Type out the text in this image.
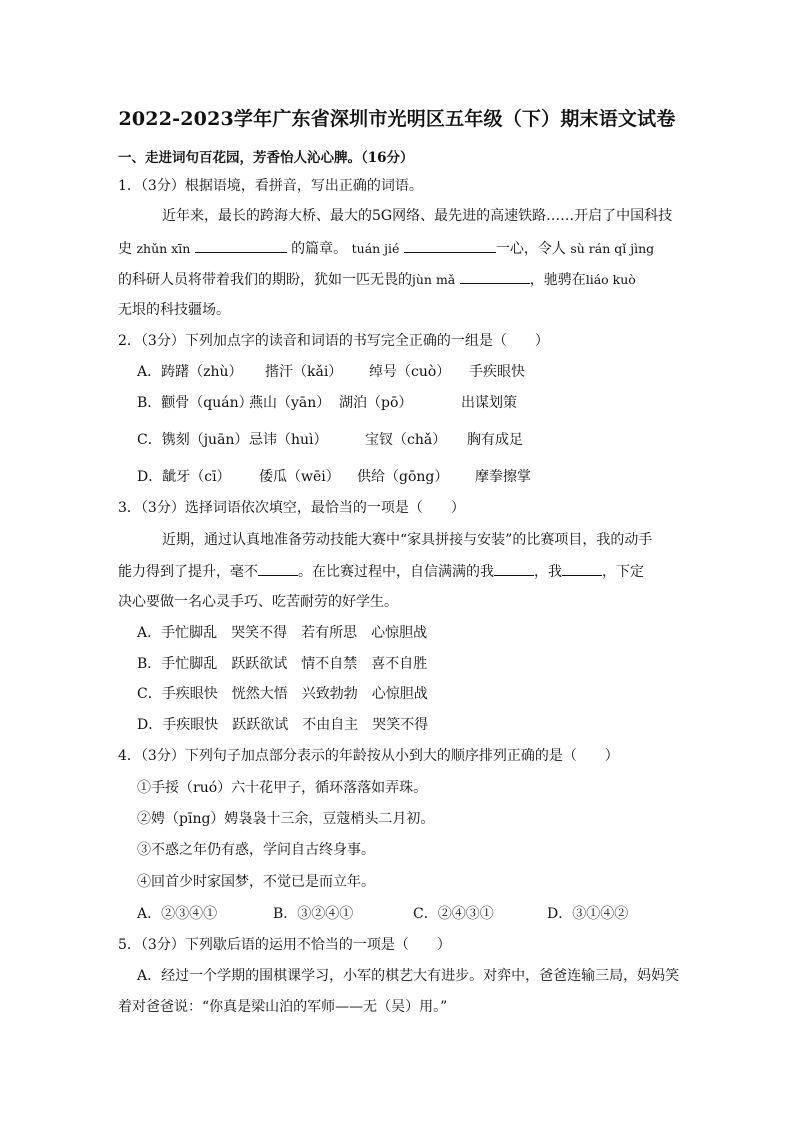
2022-2023学年广东省深圳市光明区五年级（下）期末语文试卷
一、走进词句百花园，芳香怡人沁心脾。（16分）
1．（3分）根据语境，看拼音，写出正确的词语。
近年来，最长的跨海大桥、最大的5G网络、最先进的高速铁路……开启了中国科技
史 zhǔn xīn	的篇章。 tuán jié	一心，令人 sù rán qǐ jìng
的科研人员将带着我们的期盼，犹如一匹无畏的jùn mǎ	，驰骋在liáo kuò
无垠的科技疆场。
2．（3分）下列加点字的读音和词语的书写完全正确的一组是（　　）
A．踌躇（zhù） 揩汗（kǎi） 绰号（cuò） 手疾眼快
B．颧骨（quán）燕山（yān） 湖泊（pō）	出谋划策
C．镌刻（juān）忌讳（huì）	宝钗（chǎ） 胸有成足
D．龇牙（cī） 倭瓜（wēi） 供给（gōng） 摩拳擦掌
3．（3分）选择词语依次填空，最恰当的一项是（　　）
近期，通过认真地准备劳动技能大赛中“家具拼接与安装”的比赛项目，我的动手
能力得到了提升，毫不	。在比赛过程中，自信满满的我	，我	，下定
决心要做一名心灵手巧、吃苦耐劳的好学生。
A．手忙脚乱　哭笑不得　若有所思　心惊胆战
B．手忙脚乱　跃跃欲试　情不自禁　喜不自胜
C．手疾眼快　恍然大悟　兴致勃勃　心惊胆战
D．手疾眼快　跃跃欲试　不由自主　哭笑不得
4．（3分）下列句子加点部分表示的年龄按从小到大的顺序排列正确的是（　　）
①手挼（ruó）六十花甲子，循环落落如弄珠。
②娉（pīng）娉袅袅十三余，豆蔻梢头二月初。
③不惑之年仍有惑，学问自古终身事。
④回首少时家国梦，不觉已是而立年。
A．②③④①	B．③②④①	C．②④③①	D．③①④②
5．（3分）下列歇后语的运用不恰当的一项是（　　）
A．经过一个学期的围棋课学习，小军的棋艺大有进步。对弈中，爸爸连输三局，妈妈笑
着对爸爸说：“你真是梁山泊的军师——无（吴）用。”
